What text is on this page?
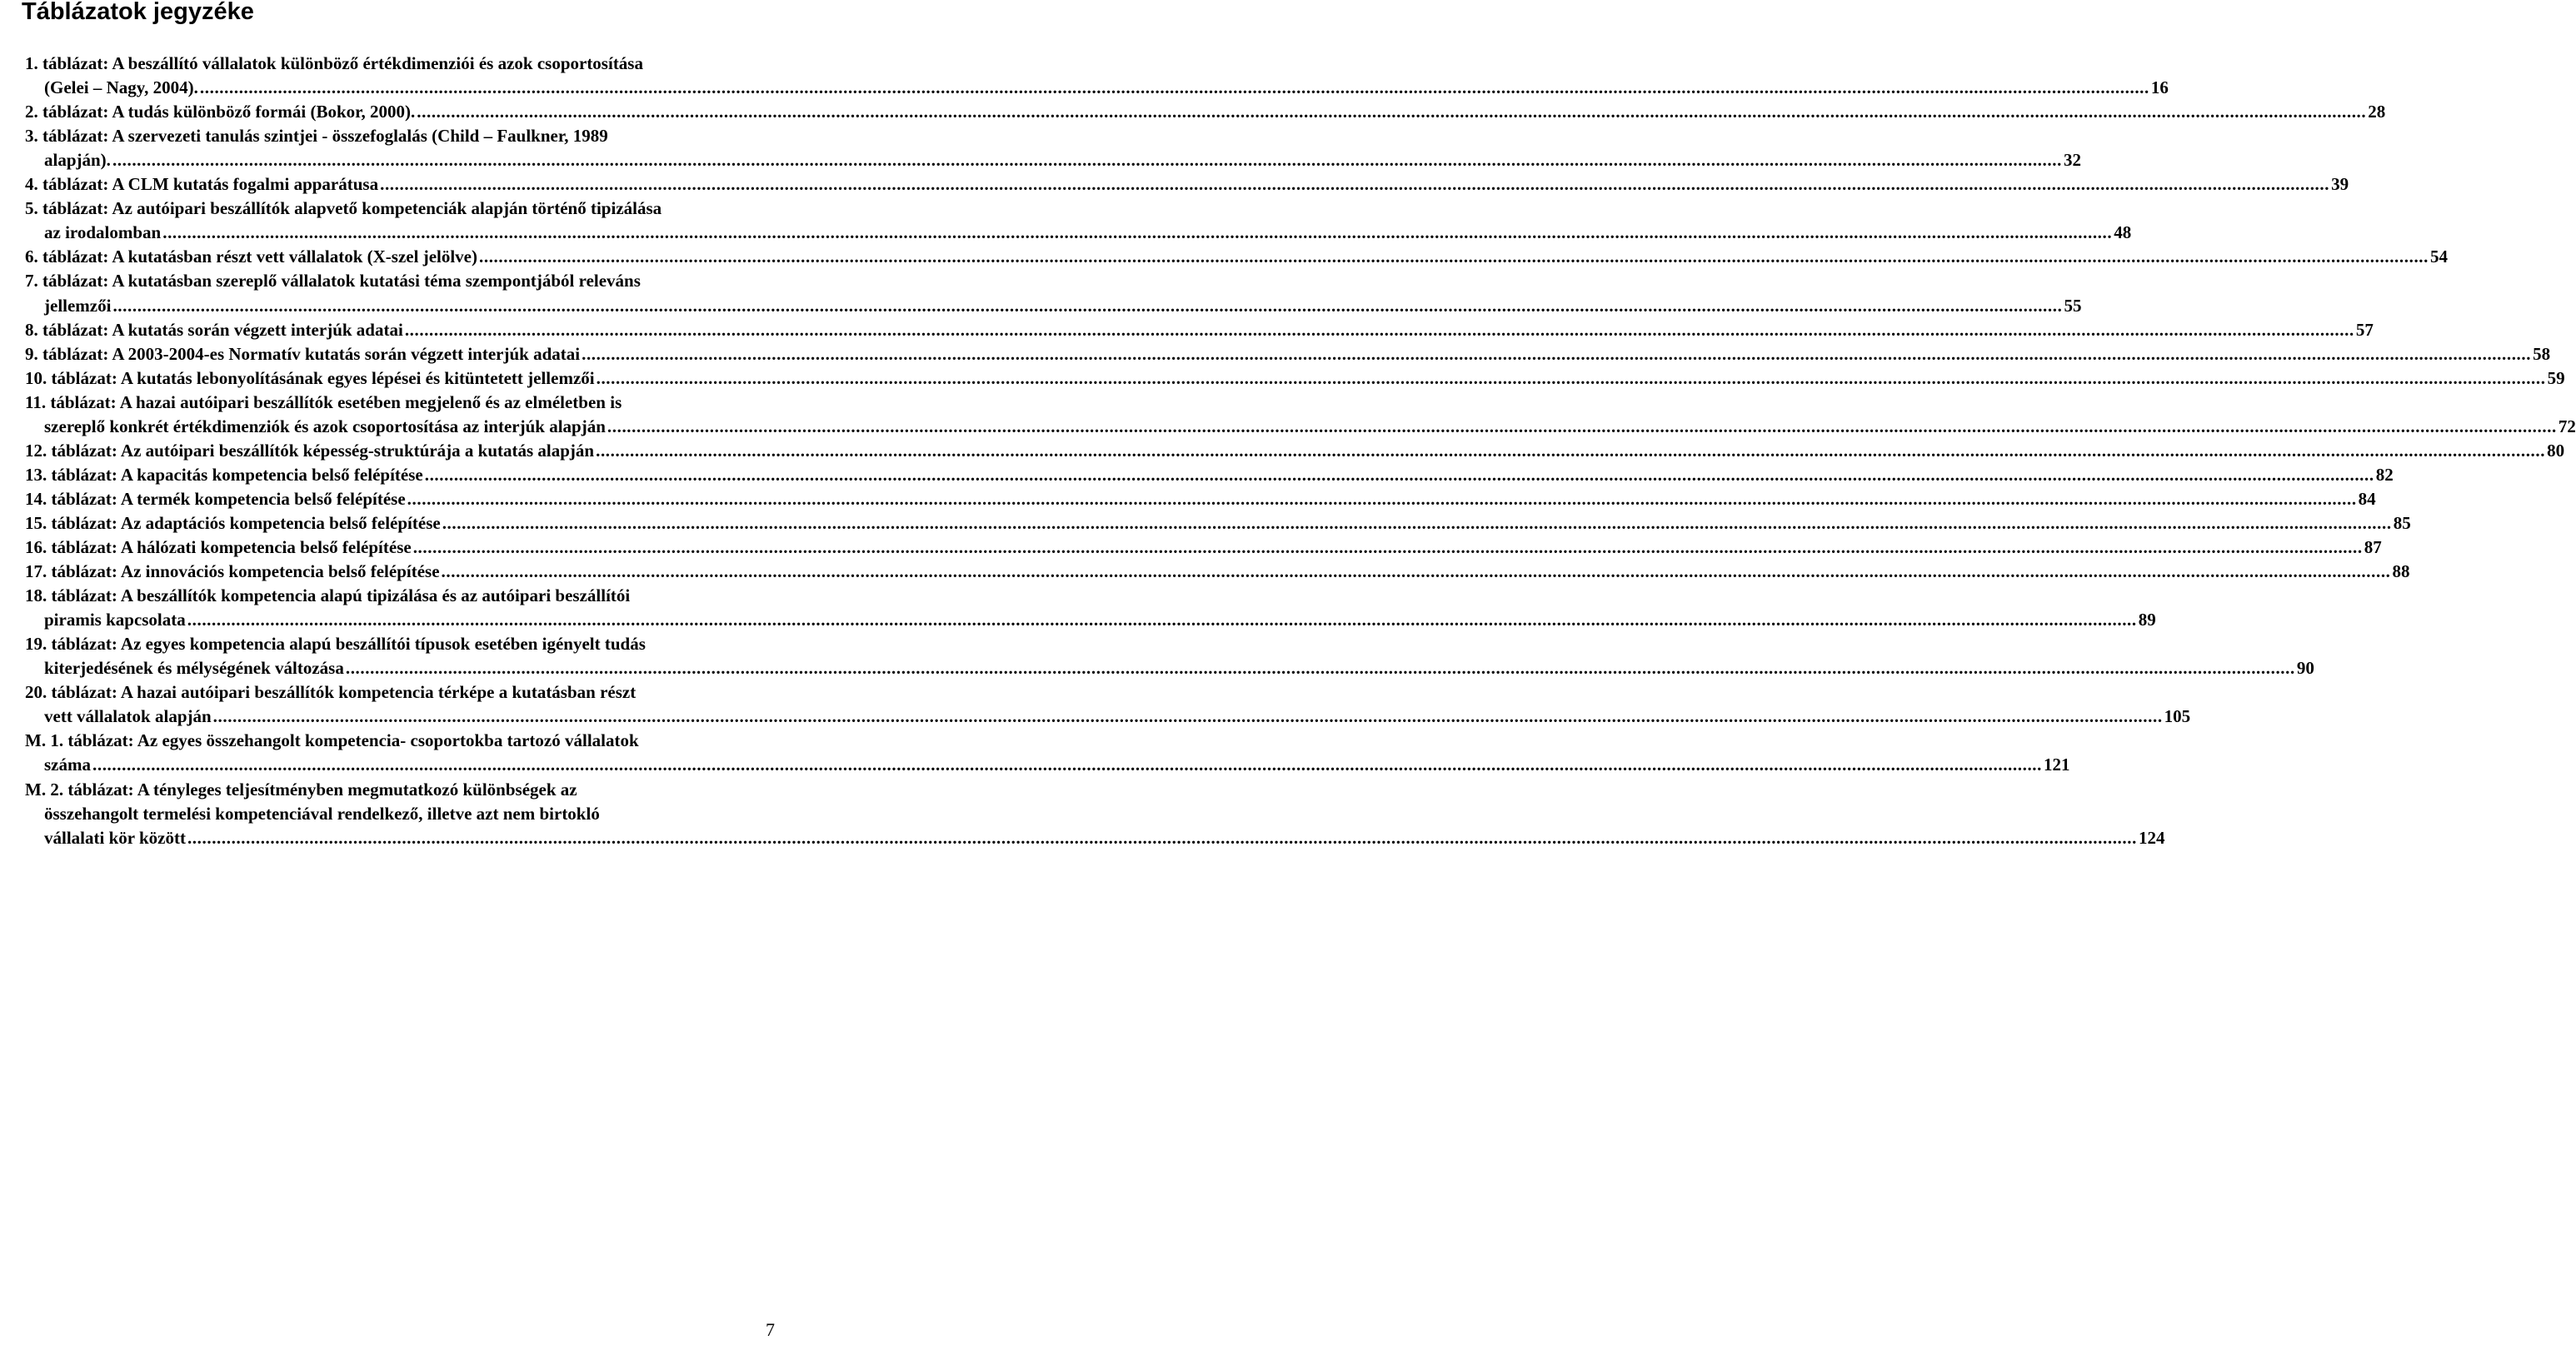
Táblázatok jegyzéke
1. táblázat: A beszállító vállalatok különböző értékdimenziói és azok csoportosítása
(Gelei – Nagy, 2004). ................................................................................................................................................................................................................................................................................................................................................................................................................ 16
2. táblázat: A tudás különböző formái (Bokor, 2000). ................................................................................................................................................................................................................................................................................................................................................................................................................ 28
3. táblázat: A szervezeti tanulás szintjei - összefoglalás (Child – Faulkner, 1989
alapján). ................................................................................................................................................................................................................................................................................................................................................................................................................ 32
4. táblázat: A CLM kutatás fogalmi apparátusa ................................................................................................................................................................................................................................................................................................................................................................................................................ 39
5. táblázat: Az autóipari beszállítók alapvető kompetenciák alapján történő tipizálása
az irodalomban ................................................................................................................................................................................................................................................................................................................................................................................................................ 48
6. táblázat: A kutatásban részt vett vállalatok (X-szel jelölve) ................................................................................................................................................................................................................................................................................................................................................................................................................ 54
7. táblázat: A kutatásban szereplő vállalatok kutatási téma szempontjából releváns
jellemzői ................................................................................................................................................................................................................................................................................................................................................................................................................ 55
8. táblázat: A kutatás során végzett interjúk adatai ................................................................................................................................................................................................................................................................................................................................................................................................................ 57
9. táblázat: A 2003-2004-es Normatív kutatás során végzett interjúk adatai ................................................................................................................................................................................................................................................................................................................................................................................................................ 58
10. táblázat: A kutatás lebonyolításának egyes lépései és kitüntetett jellemzői ................................................................................................................................................................................................................................................................................................................................................................................................................ 59
11. táblázat: A hazai autóipari beszállítók esetében megjelenő és az elméletben is
szereplő konkrét értékdimenziók és azok csoportosítása az interjúk alapján ................................................................................................................................................................................................................................................................................................................................................................................................................ 72
12. táblázat: Az autóipari beszállítók képesség-struktúrája a kutatás alapján ................................................................................................................................................................................................................................................................................................................................................................................................................ 80
13. táblázat: A kapacitás kompetencia belső felépítése ................................................................................................................................................................................................................................................................................................................................................................................................................ 82
14. táblázat: A termék kompetencia belső felépítése ................................................................................................................................................................................................................................................................................................................................................................................................................ 84
15. táblázat: Az adaptációs kompetencia belső felépítése ................................................................................................................................................................................................................................................................................................................................................................................................................ 85
16. táblázat: A hálózati kompetencia belső felépítése ................................................................................................................................................................................................................................................................................................................................................................................................................ 87
17. táblázat: Az innovációs kompetencia belső felépítése ................................................................................................................................................................................................................................................................................................................................................................................................................ 88
18. táblázat: A beszállítók kompetencia alapú tipizálása és az autóipari beszállítói
piramis kapcsolata ................................................................................................................................................................................................................................................................................................................................................................................................................ 89
19. táblázat: Az egyes kompetencia alapú beszállítói típusok esetében igényelt tudás
kiterjedésének és mélységének változása ................................................................................................................................................................................................................................................................................................................................................................................................................ 90
20. táblázat: A hazai autóipari beszállítók kompetencia térképe a kutatásban részt
vett vállalatok alapján ................................................................................................................................................................................................................................................................................................................................................................................................................ 105
M. 1. táblázat: Az egyes összehangolt kompetencia- csoportokba tartozó vállalatok
száma ................................................................................................................................................................................................................................................................................................................................................................................................................ 121
M. 2. táblázat: A tényleges teljesítményben megmutatkozó különbségek az
összehangolt termelési kompetenciával rendelkező, illetve azt nem birtokló
vállalati kör között ................................................................................................................................................................................................................................................................................................................................................................................................................ 124
7
